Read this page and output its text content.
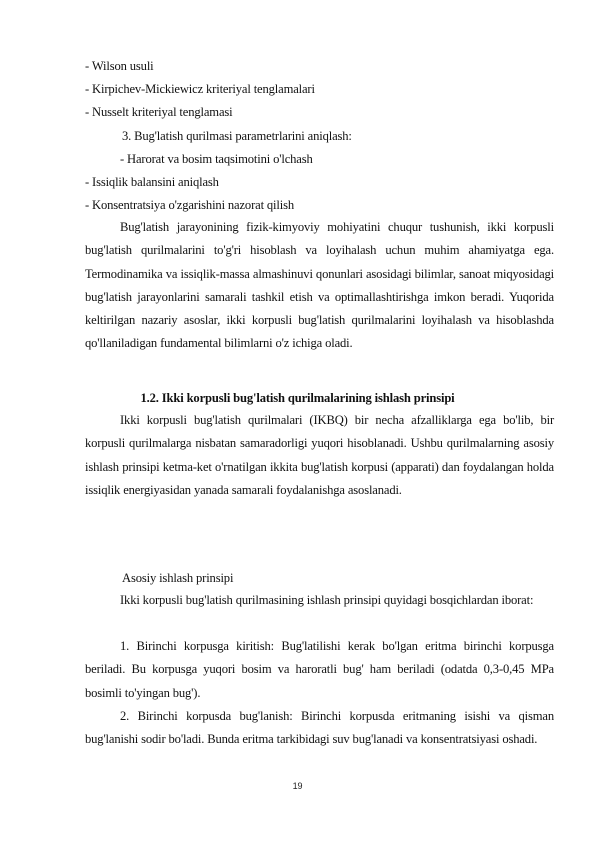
- Wilson usuli
- Kirpichev-Mickiewicz kriteriyal tenglamalari
- Nusselt kriteriyal tenglamasi
3. Bug'latish qurilmasi parametrlarini aniqlash:
- Harorat va bosim taqsimotini o'lchash
- Issiqlik balansini aniqlash
- Konsentratsiya o'zgarishini nazorat qilish
Bug'latish jarayonining fizik-kimyoviy mohiyatini chuqur tushunish, ikki korpusli bug'latish qurilmalarini to'g'ri hisoblash va loyihalash uchun muhim ahamiyatga ega. Termodinamika va issiqlik-massa almashinuvi qonunlari asosidagi bilimlar, sanoat miqyosidagi bug'latish jarayonlarini samarali tashkil etish va optimallashtirishga imkon beradi. Yuqorida keltirilgan nazariy asoslar, ikki korpusli bug'latish qurilmalarini loyihalash va hisoblashda qo'llaniladigan fundamental bilimlarni o'z ichiga oladi.
1.2. Ikki korpusli bug'latish qurilmalarining ishlash prinsipi
Ikki korpusli bug'latish qurilmalari (IKBQ) bir necha afzalliklarga ega bo'lib, bir korpusli qurilmalarga nisbatan samaradorligi yuqori hisoblanadi. Ushbu qurilmalarning asosiy ishlash prinsipi ketma-ket o'rnatilgan ikkita bug'latish korpusi (apparati) dan foydalangan holda issiqlik energiyasidan yanada samarali foydalanishga asoslanadi.
Asosiy ishlash prinsipi
Ikki korpusli bug'latish qurilmasining ishlash prinsipi quyidagi bosqichlardan iborat:
1. Birinchi korpusga kiritish: Bug'latilishi kerak bo'lgan eritma birinchi korpusga beriladi. Bu korpusga yuqori bosim va haroratli bug' ham beriladi (odatda 0,3-0,45 MPa bosimli to'yingan bug').
2. Birinchi korpusda bug'lanish: Birinchi korpusda eritmaning isishi va qisman bug'lanishi sodir bo'ladi. Bunda eritma tarkibidagi suv bug'lanadi va konsentratsiyasi oshadi.
19
